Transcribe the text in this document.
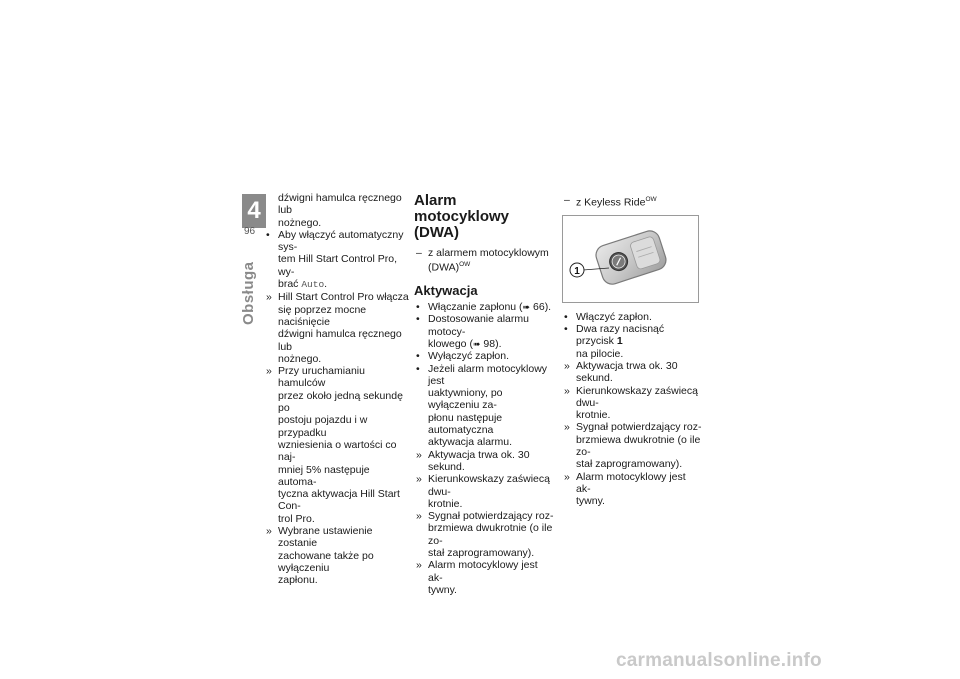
4
96
Obsługa

dźwigni hamulca ręcznego lub
nożnego.

• Aby włączyć automatyczny sys-
tem Hill Start Control Pro, wy-
brać Auto.

» Hill Start Control Pro włącza
się poprzez mocne naciśnięcie
dźwigni hamulca ręcznego lub
nożnego.

» Przy uruchamianiu hamulców
przez około jedną sekundę po
postoju pojazdu i w przypadku
wzniesienia o wartości co naj-
mniej 5% następuje automa-
tyczna aktywacja Hill Start Con-
trol Pro.

» Wybrane ustawienie zostanie
zachowane także po wyłączeniu
zapłonu.

Alarm motocyklowy
(DWA)

– z alarmem motocyklowym
(DWA)$^{OW}$

Aktywacja

• Włączanie zapłonu (➠ 66).

• Dostosowanie alarmu motocy-
klowego (➠ 98).

• Wyłączyć zapłon.

• Jeżeli alarm motocyklowy jest
uaktywniony, po wyłączeniu za-
płonu następuje automatyczna
aktywacja alarmu.

» Aktywacja trwa ok. 30 sekund.

» Kierunkowskazy zaświecą dwu-
krotnie.

» Sygnał potwierdzający roz-
brzmiewa dwukrotnie (o ile zo-
stał zaprogramowany).

» Alarm motocyklowy jest ak-
tywny.

– z Keyless Ride$^{OW}$

1

• Włączyć zapłon.

• Dwa razy nacisnąć przycisk 1
na pilocie.

» Aktywacja trwa ok. 30 sekund.

» Kierunkowskazy zaświecą dwu-
krotnie.

» Sygnał potwierdzający roz-
brzmiewa dwukrotnie (o ile zo-
stał zaprogramowany).

» Alarm motocyklowy jest ak-
tywny.

carmanualsonline.info
